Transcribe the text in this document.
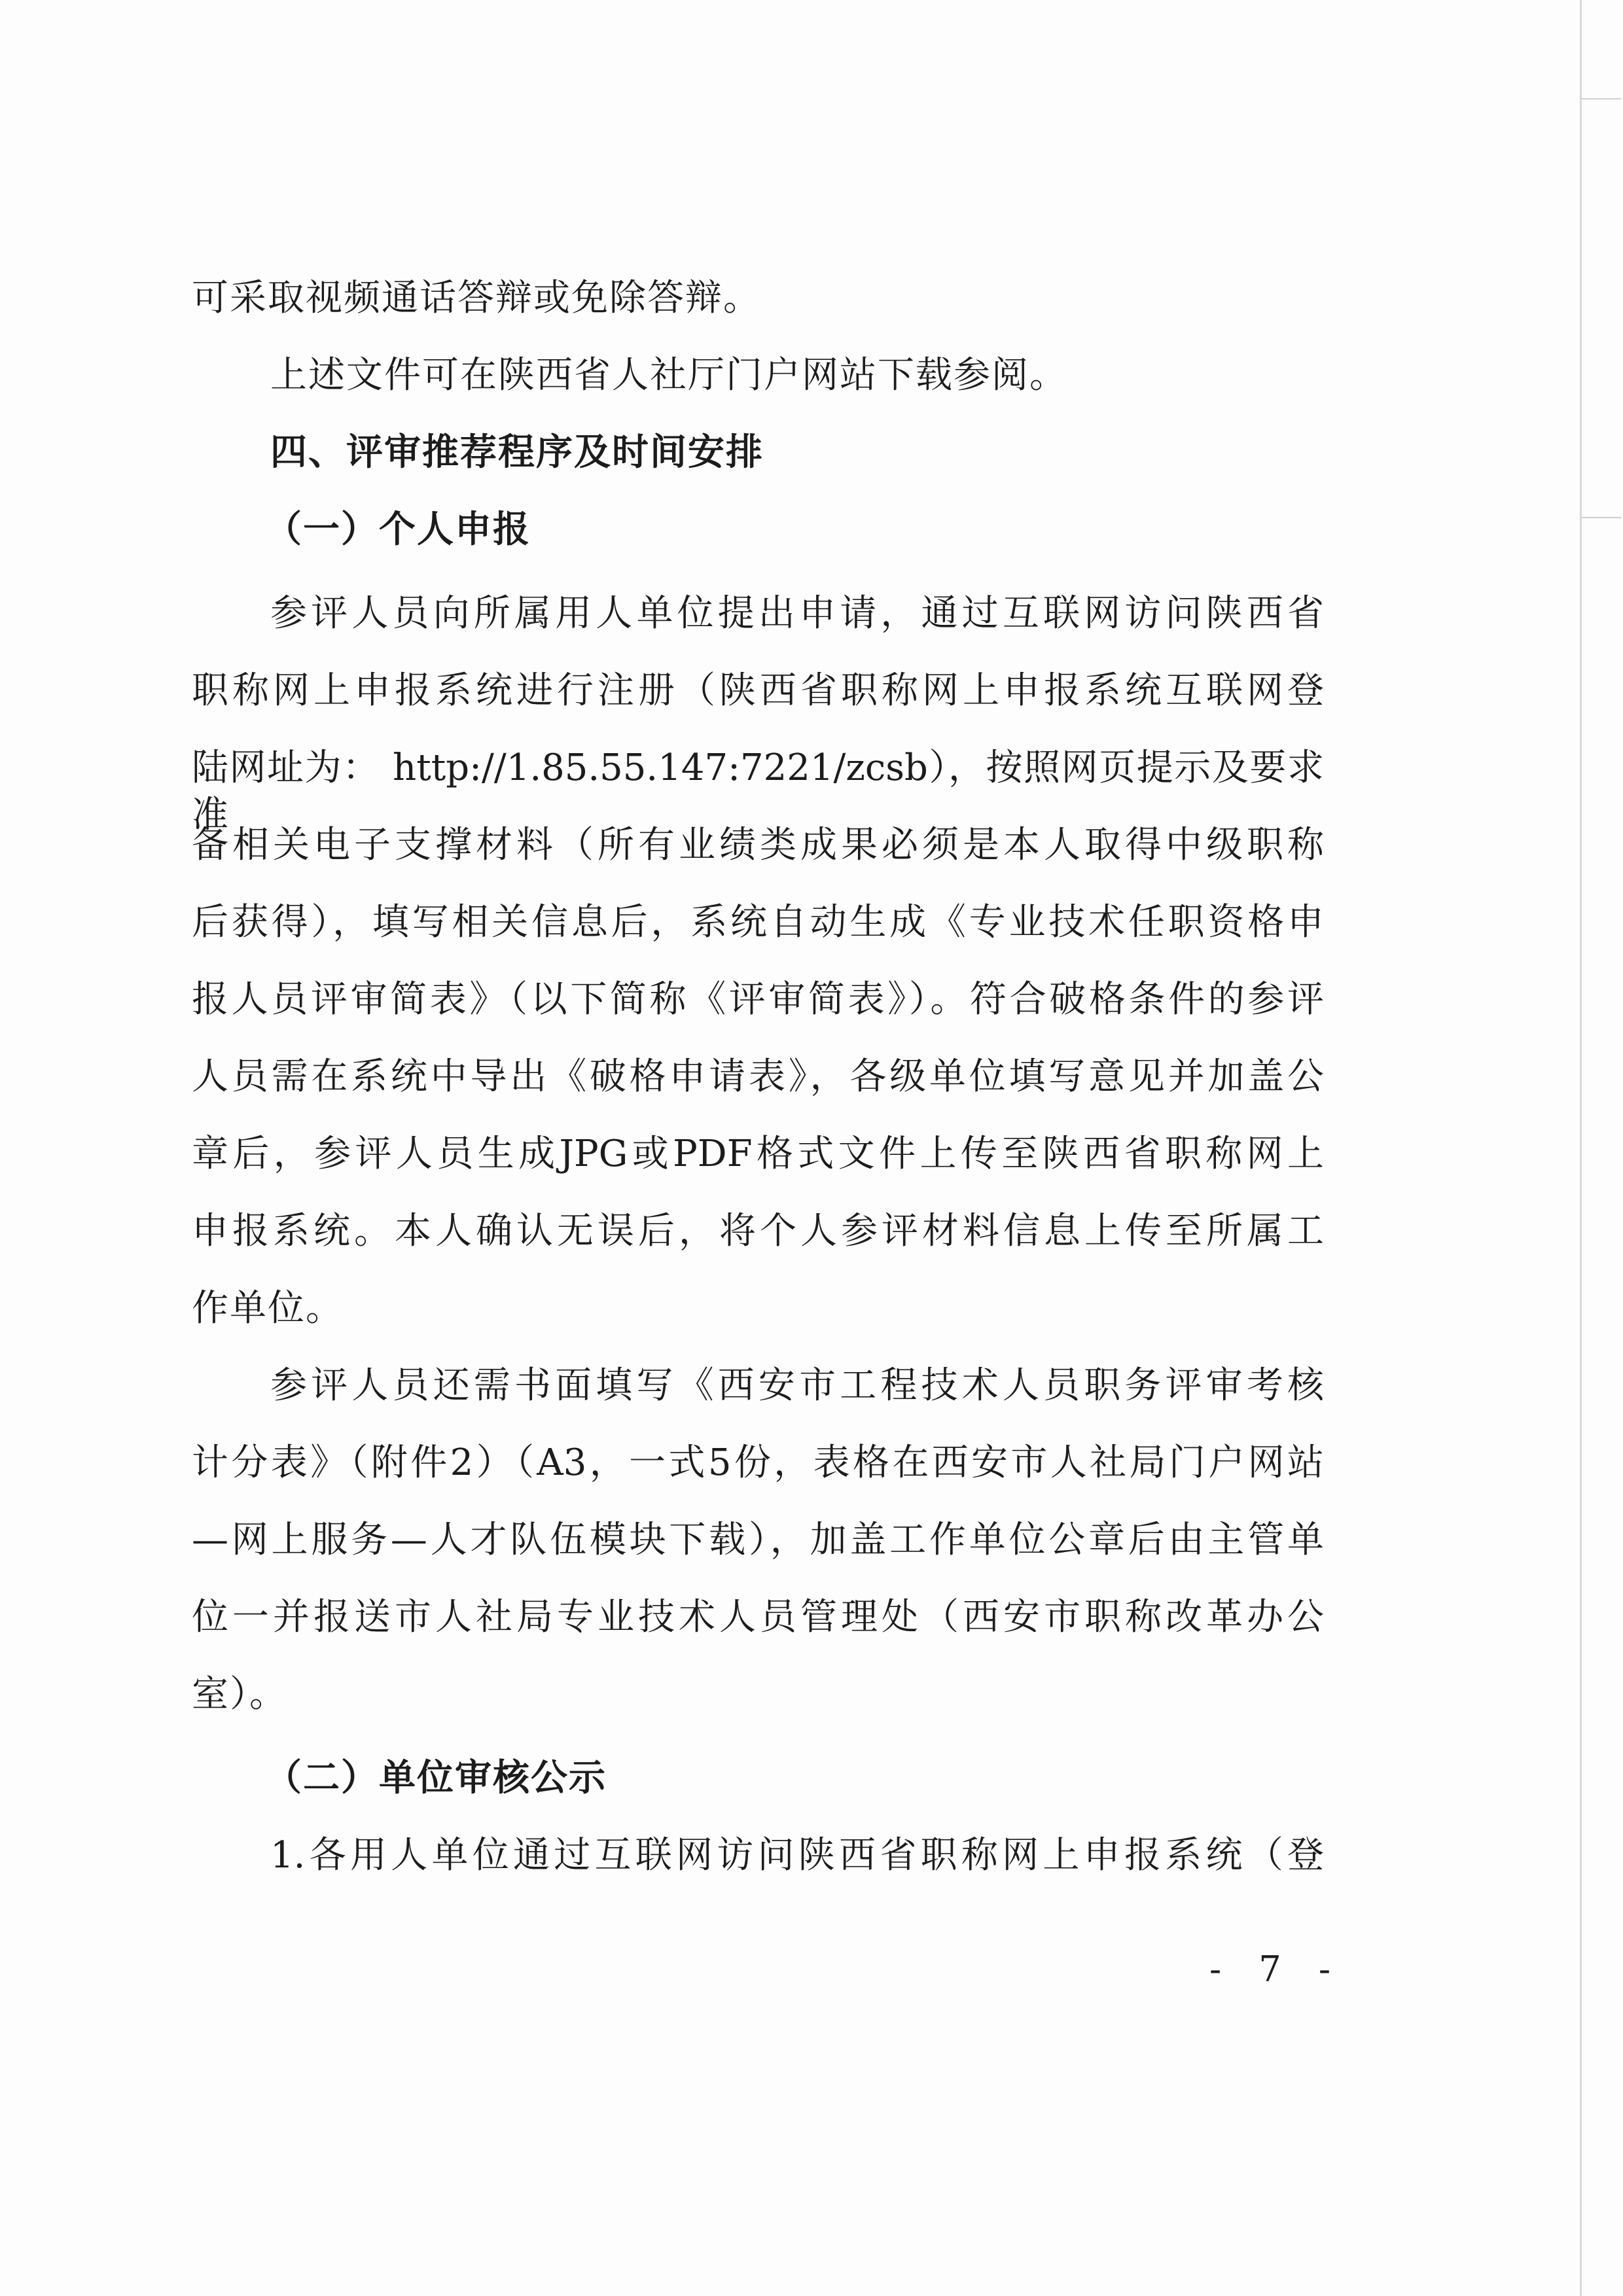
可采取视频通话答辩或免除答辩。
上述文件可在陕西省人社厅门户网站下载参阅。
四、评审推荐程序及时间安排
（一）个人申报
参评人员向所属用人单位提出申请，通过互联网访问陕西省
职称网上申报系统进行注册（陕西省职称网上申报系统互联网登
陆网址为： http://1.85.55.147:7221/zcsb），按照网页提示及要求准
备相关电子支撑材料（所有业绩类成果必须是本人取得中级职称
后获得），填写相关信息后，系统自动生成《专业技术任职资格申
报人员评审简表》（以下简称《评审简表》）。符合破格条件的参评
人员需在系统中导出《破格申请表》，各级单位填写意见并加盖公
章后，参评人员生成JPG或PDF格式文件上传至陕西省职称网上
申报系统。本人确认无误后，将个人参评材料信息上传至所属工
作单位。
参评人员还需书面填写《西安市工程技术人员职务评审考核
计分表》（附件2）（A3，一式5份，表格在西安市人社局门户网站
—网上服务—人才队伍模块下载），加盖工作单位公章后由主管单
位一并报送市人社局专业技术人员管理处（西安市职称改革办公
室）。
（二）单位审核公示
1.各用人单位通过互联网访问陕西省职称网上申报系统（登
- 7 -
